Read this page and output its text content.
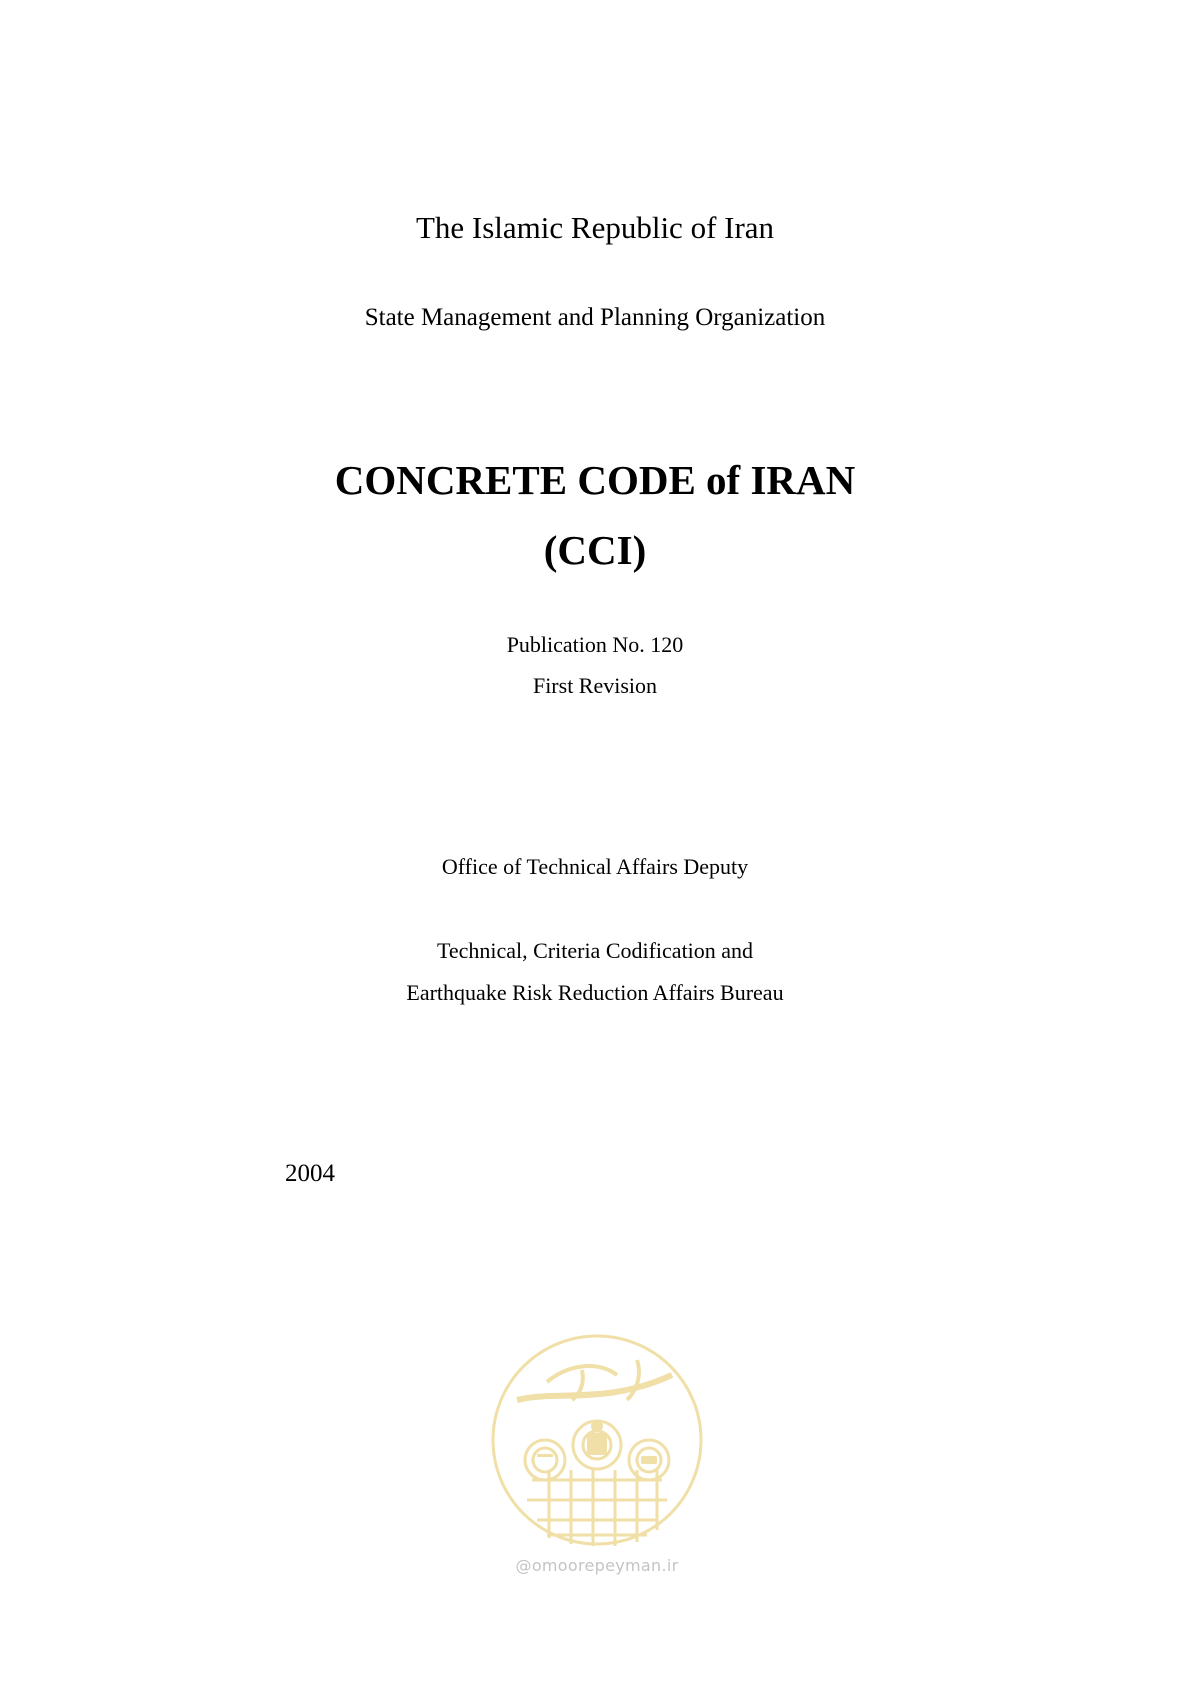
The Islamic Republic of Iran
State Management and Planning Organization
CONCRETE CODE of IRAN
(CCI)
Publication No. 120
First Revision
Office of Technical Affairs Deputy
Technical, Criteria Codification and
Earthquake Risk Reduction Affairs Bureau
2004
@omoorepeyman.ir
